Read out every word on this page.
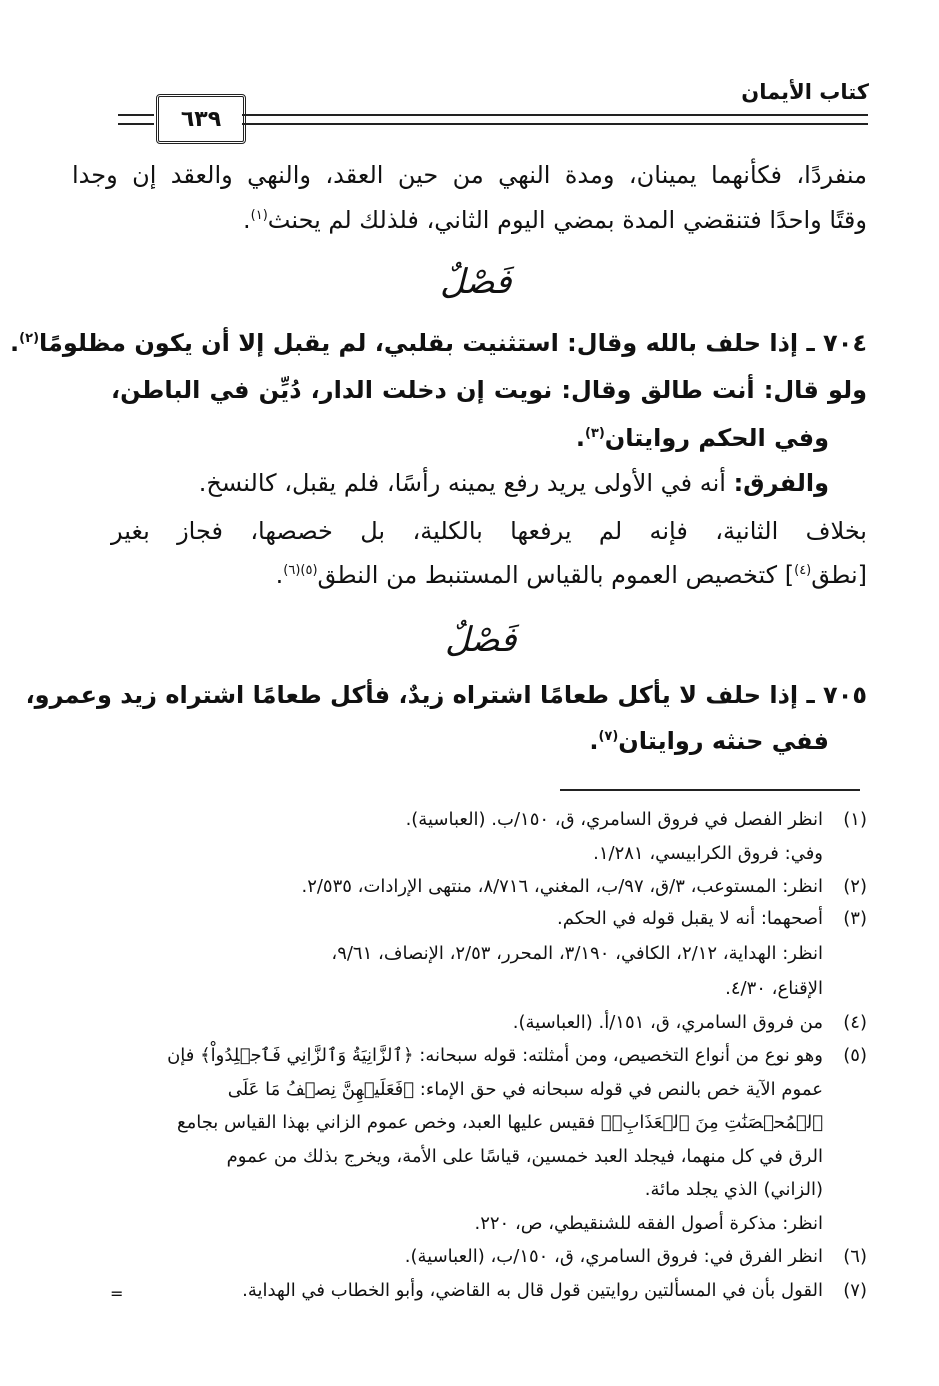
كتاب الأيمان
٦٣٩
منفردًا، فكأنهما يمينان، ومدة النهي من حين العقد، والنهي والعقد إن وجدا
وقتًا واحدًا فتنقضي المدة بمضي اليوم الثاني، فلذلك لم يحنث$^{(١)}$.
فَصْلٌ
٧٠٤ ـ إذا حلف بالله وقال: استثنيت بقلبي، لم يقبل إلا أن يكون مظلومًا$^{(٢)}$.
ولو قال: أنت طالق وقال: نويت إن دخلت الدار، دُيِّن في الباطن،
وفي الحكم روايتان$^{(٣)}$.
والفرق: أنه في الأولى يريد رفع يمينه رأسًا، فلم يقبل، كالنسخ.
بخلاف الثانية، فإنه لم يرفعها بالكلية، بل خصصها، فجاز بغير
[نطق$^{(٤)}$] كتخصيص العموم بالقياس المستنبط من النطق$^{(٥)(٦)}$.
فَصْلٌ
٧٠٥ ـ إذا حلف لا يأكل طعامًا اشتراه زيدٌ، فأكل طعامًا اشتراه زيد وعمرو،
ففي حنثه روايتان$^{(٧)}$.
(١)انظر الفصل في فروق السامري، ق، ١٥٠/ب. (العباسية).
وفي: فروق الكرابيسي، ١/٢٨١.
(٢)انظر: المستوعب، ٣/ق، ٩٧/ب، المغني، ٨/٧١٦، منتهى الإرادات، ٢/٥٣٥.
(٣)أصحهما: أنه لا يقبل قوله في الحكم.
انظر: الهداية، ٢/١٢، الكافي، ٣/١٩٠، المحرر، ٢/٥٣، الإنصاف، ٩/٦١،
الإقناع، ٤/٣٠.
(٤)من فروق السامري، ق، ١٥١/أ. (العباسية).
(٥)وهو نوع من أنواع التخصيص، ومن أمثلته: قوله سبحانه: ﴿ٱلزَّانِيَةُ وَٱلزَّانِي فَٱجۡلِدُواْ﴾ فإن
عموم الآية خص بالنص في قوله سبحانه في حق الإماء: ﴿فَعَلَيۡهِنَّ نِصۡفُ مَا عَلَى
ٱلۡمُحۡصَنَٰتِ مِنَ ٱلۡعَذَابِۚ﴾ فقيس عليها العبد، وخص عموم الزاني بهذا القياس بجامع
الرق في كل منهما، فيجلد العبد خمسين، قياسًا على الأمة، ويخرج بذلك من عموم
(الزاني) الذي يجلد مائة.
انظر: مذكرة أصول الفقه للشنقيطي، ص، ٢٢٠.
(٦)انظر الفرق في: فروق السامري، ق، ١٥٠/ب، (العباسية).
(٧)القول بأن في المسألتين روايتين قول قال به القاضي، وأبو الخطاب في الهداية.
=
